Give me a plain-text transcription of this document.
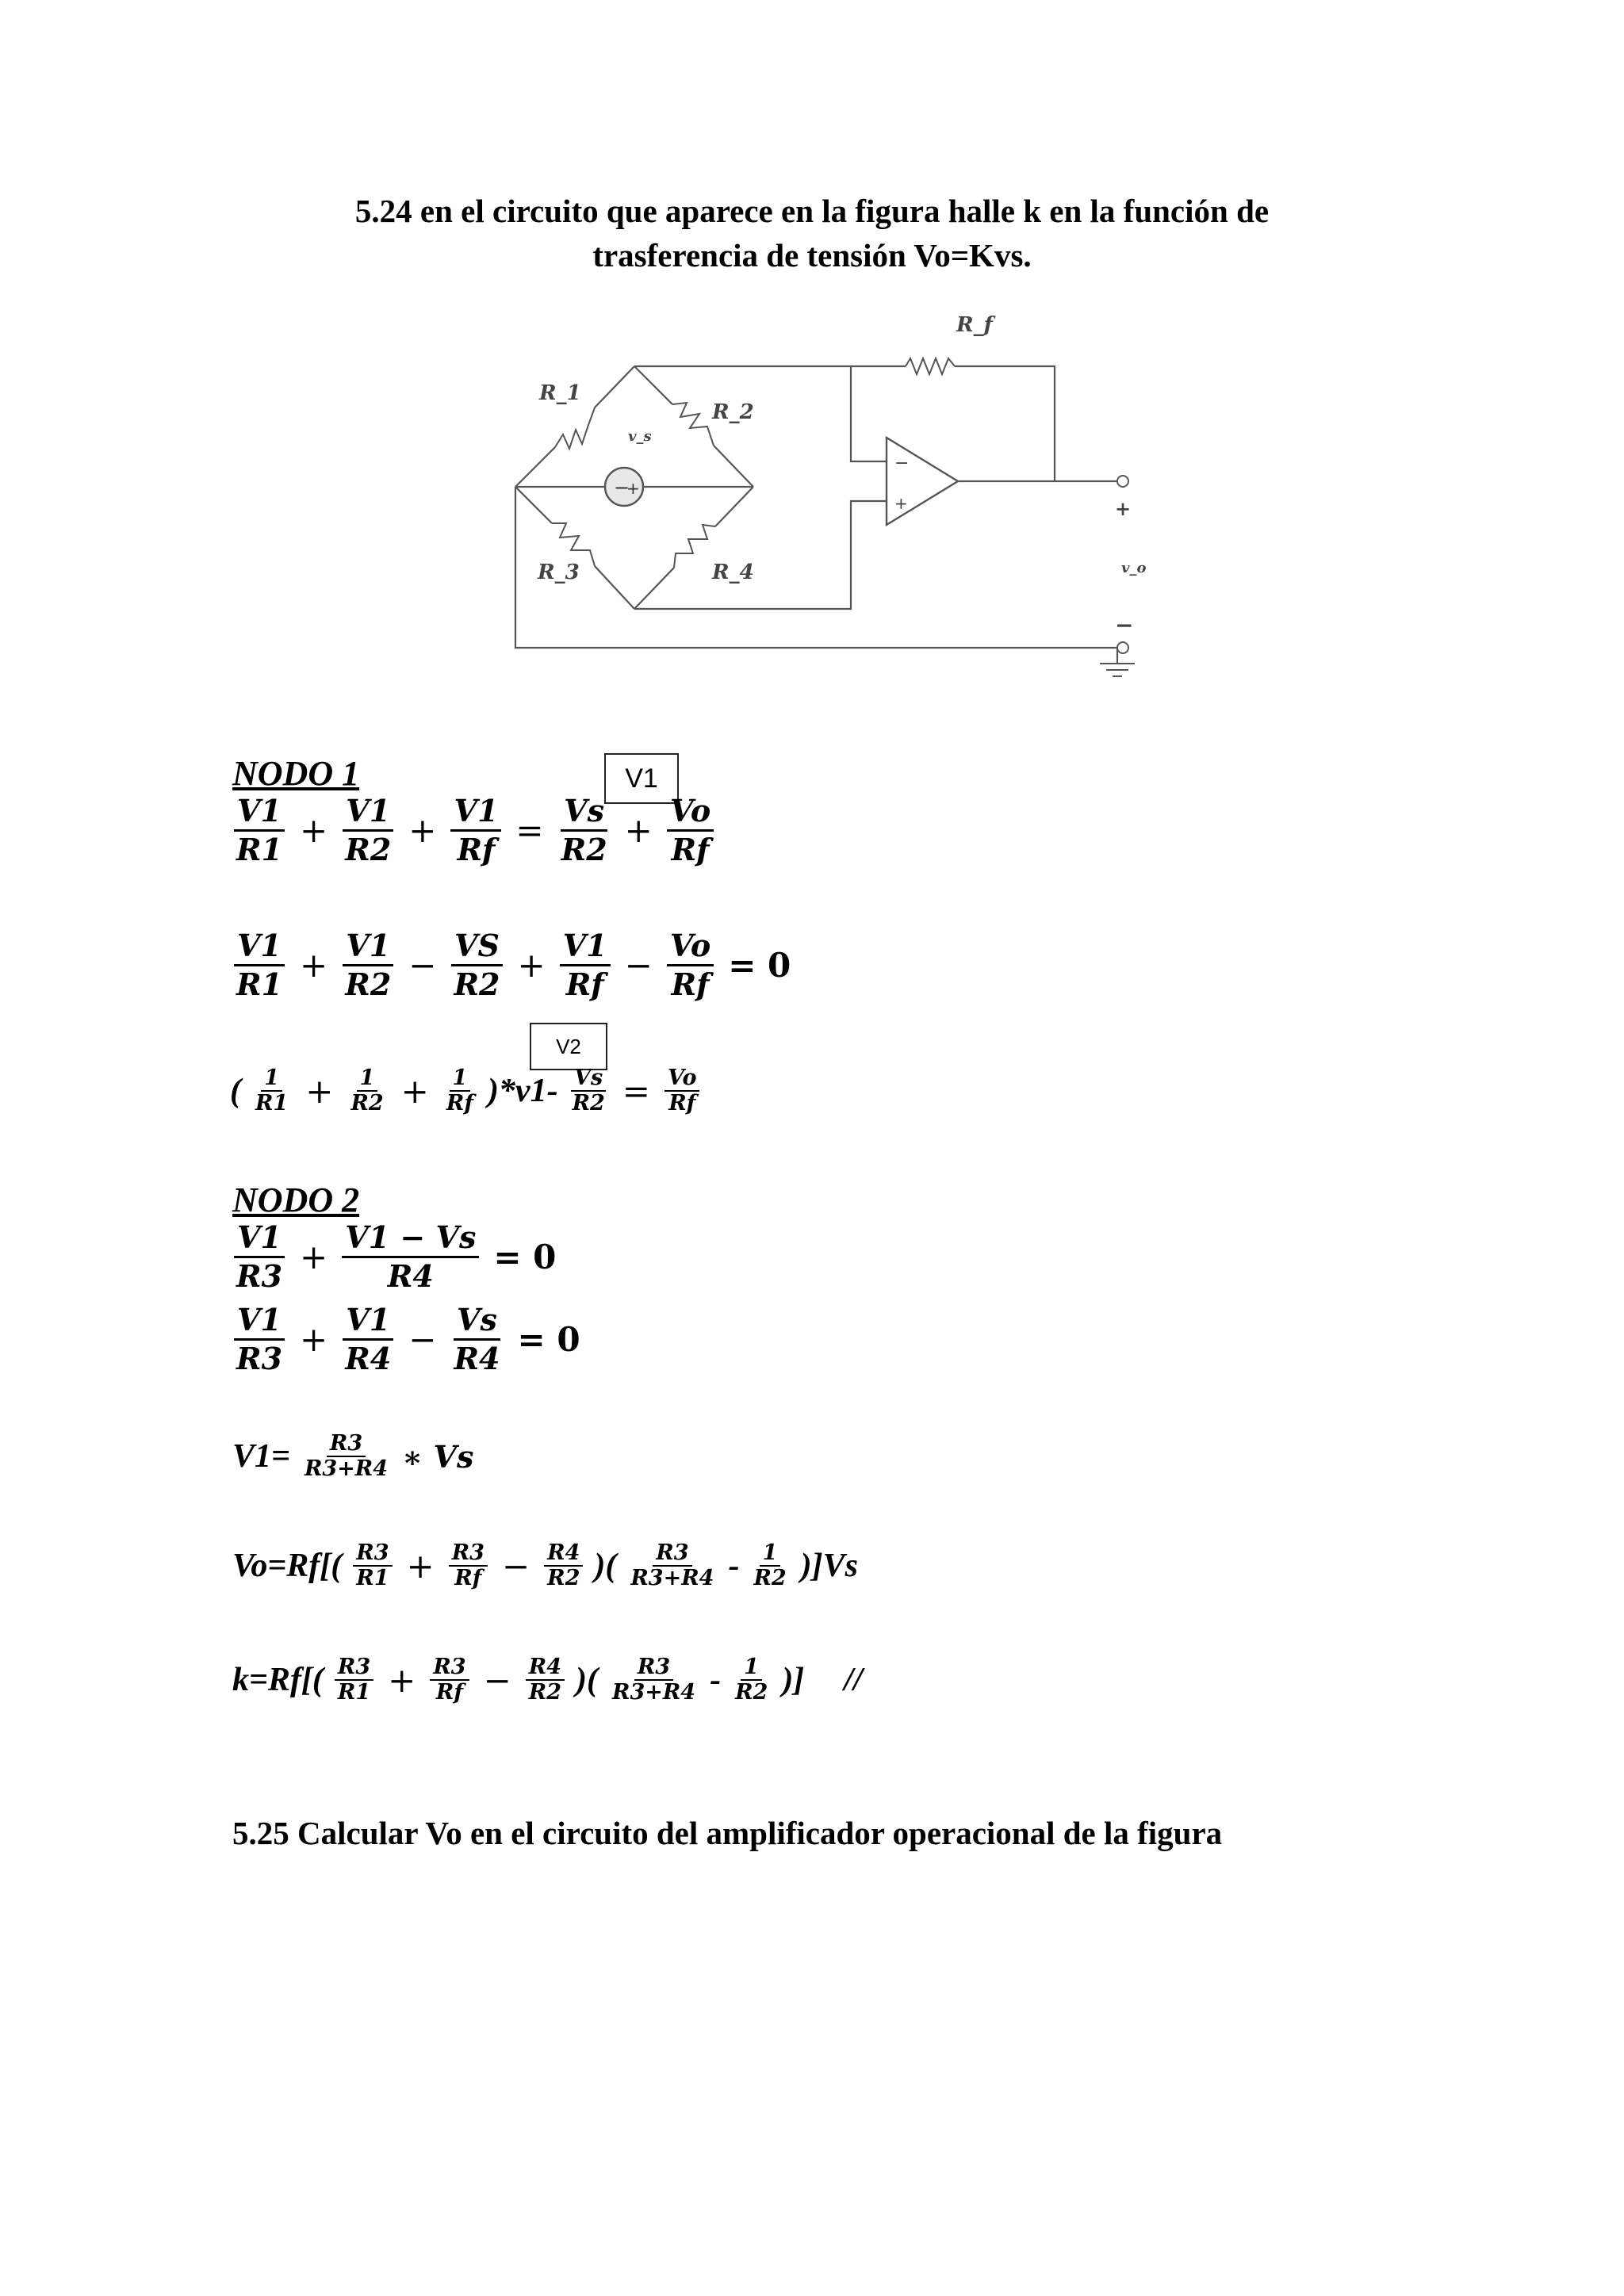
5.24 en el circuito que aparece en la figura halle k en la función de
trasferencia de tensión Vo=Kvs.
−
+
−
+
R_1
R_2
R_3	R_4
R_f
v_s
v_o
+
−
NODO 1	V1
$\frac{V1}{R1} + \frac{V1}{R2} + \frac{V1}{Rf} = \frac{Vs}{R2} + \frac{Vo}{Rf}$
$\frac{V1}{R1} + \frac{V1}{R2} - \frac{VS}{R2} + \frac{V1}{Rf} - \frac{Vo}{Rf} = 0$
V2
( $\frac{1}{R1} + \frac{1}{R2} + \frac{1}{Rf} )*v1- \frac{Vs}{R2} = \frac{Vo}{Rf}$
NODO 2
$\frac{V1}{R3} + \frac{V1 - Vs}{R4} = 0$
$\frac{V1}{R3} + \frac{V1}{R4} - \frac{Vs}{R4} = 0$
$V1= \frac{R3}{R3+R4}$ ∗ Vs
$Vo=Rf[( \frac{R3}{R1} + \frac{R3}{Rf} - \frac{R4}{R2}$ )( $\frac{R3}{R3+R4} - \frac{1}{R2} )]Vs$
$k=Rf[( \frac{R3}{R1} + \frac{R3}{Rf} - \frac{R4}{R2}$ )( $\frac{R3}{R3+R4} - \frac{1}{R2}$ )]	//
5.25 Calcular Vo en el circuito del amplificador operacional de la figura
